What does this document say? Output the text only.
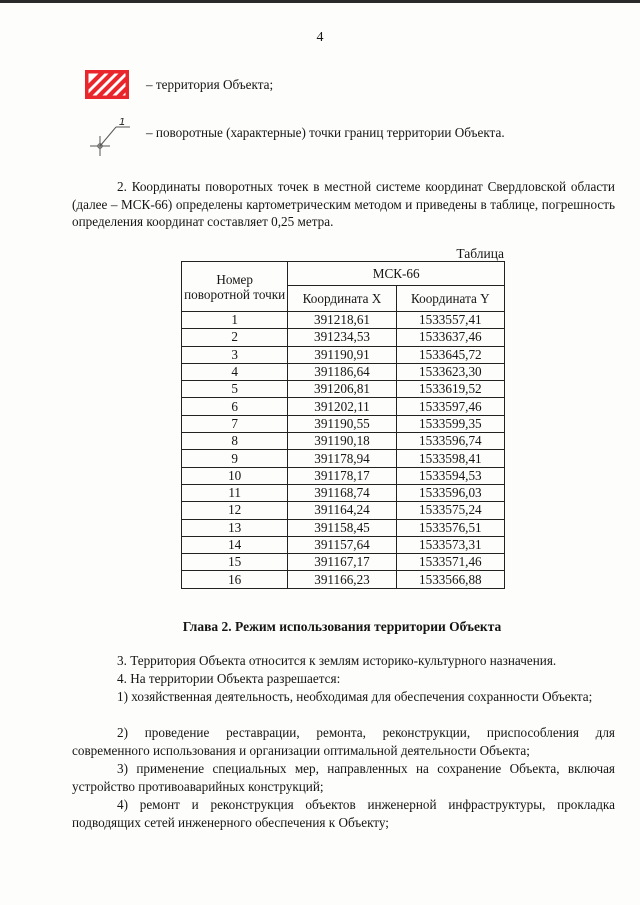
4
– территория Объекта;
1
– поворотные (характерные) точки границ территории Объекта.
2. Координаты поворотных точек в местной системе координат Свердловской области (далее – МСК-66) определены картометрическим методом и приведены в таблице, погрешность определения координат составляет 0,25 метра.
Таблица
Номер поворотной точки	МСК-66	
	Координата X	Координата Y
1	391218,61	1533557,41
2	391234,53	1533637,46
3	391190,91	1533645,72
4	391186,64	1533623,30
5	391206,81	1533619,52
6	391202,11	1533597,46
7	391190,55	1533599,35
8	391190,18	1533596,74
9	391178,94	1533598,41
10	391178,17	1533594,53
11	391168,74	1533596,03
12	391164,24	1533575,24
13	391158,45	1533576,51
14	391157,64	1533573,31
15	391167,17	1533571,46
16	391166,23	1533566,88
Глава 2. Режим использования территории Объекта
3. Территория Объекта относится к землям историко-культурного назначения.
4. На территории Объекта разрешается:
1) хозяйственная деятельность, необходимая для обеспечения сохранности Объекта;
2) проведение реставрации, ремонта, реконструкции, приспособления для современного использования и организации оптимальной деятельности Объекта;
3) применение специальных мер, направленных на сохранение Объекта, включая устройство противоаварийных конструкций;
4) ремонт и реконструкция объектов инженерной инфраструктуры, прокладка подводящих сетей инженерного обеспечения к Объекту;
